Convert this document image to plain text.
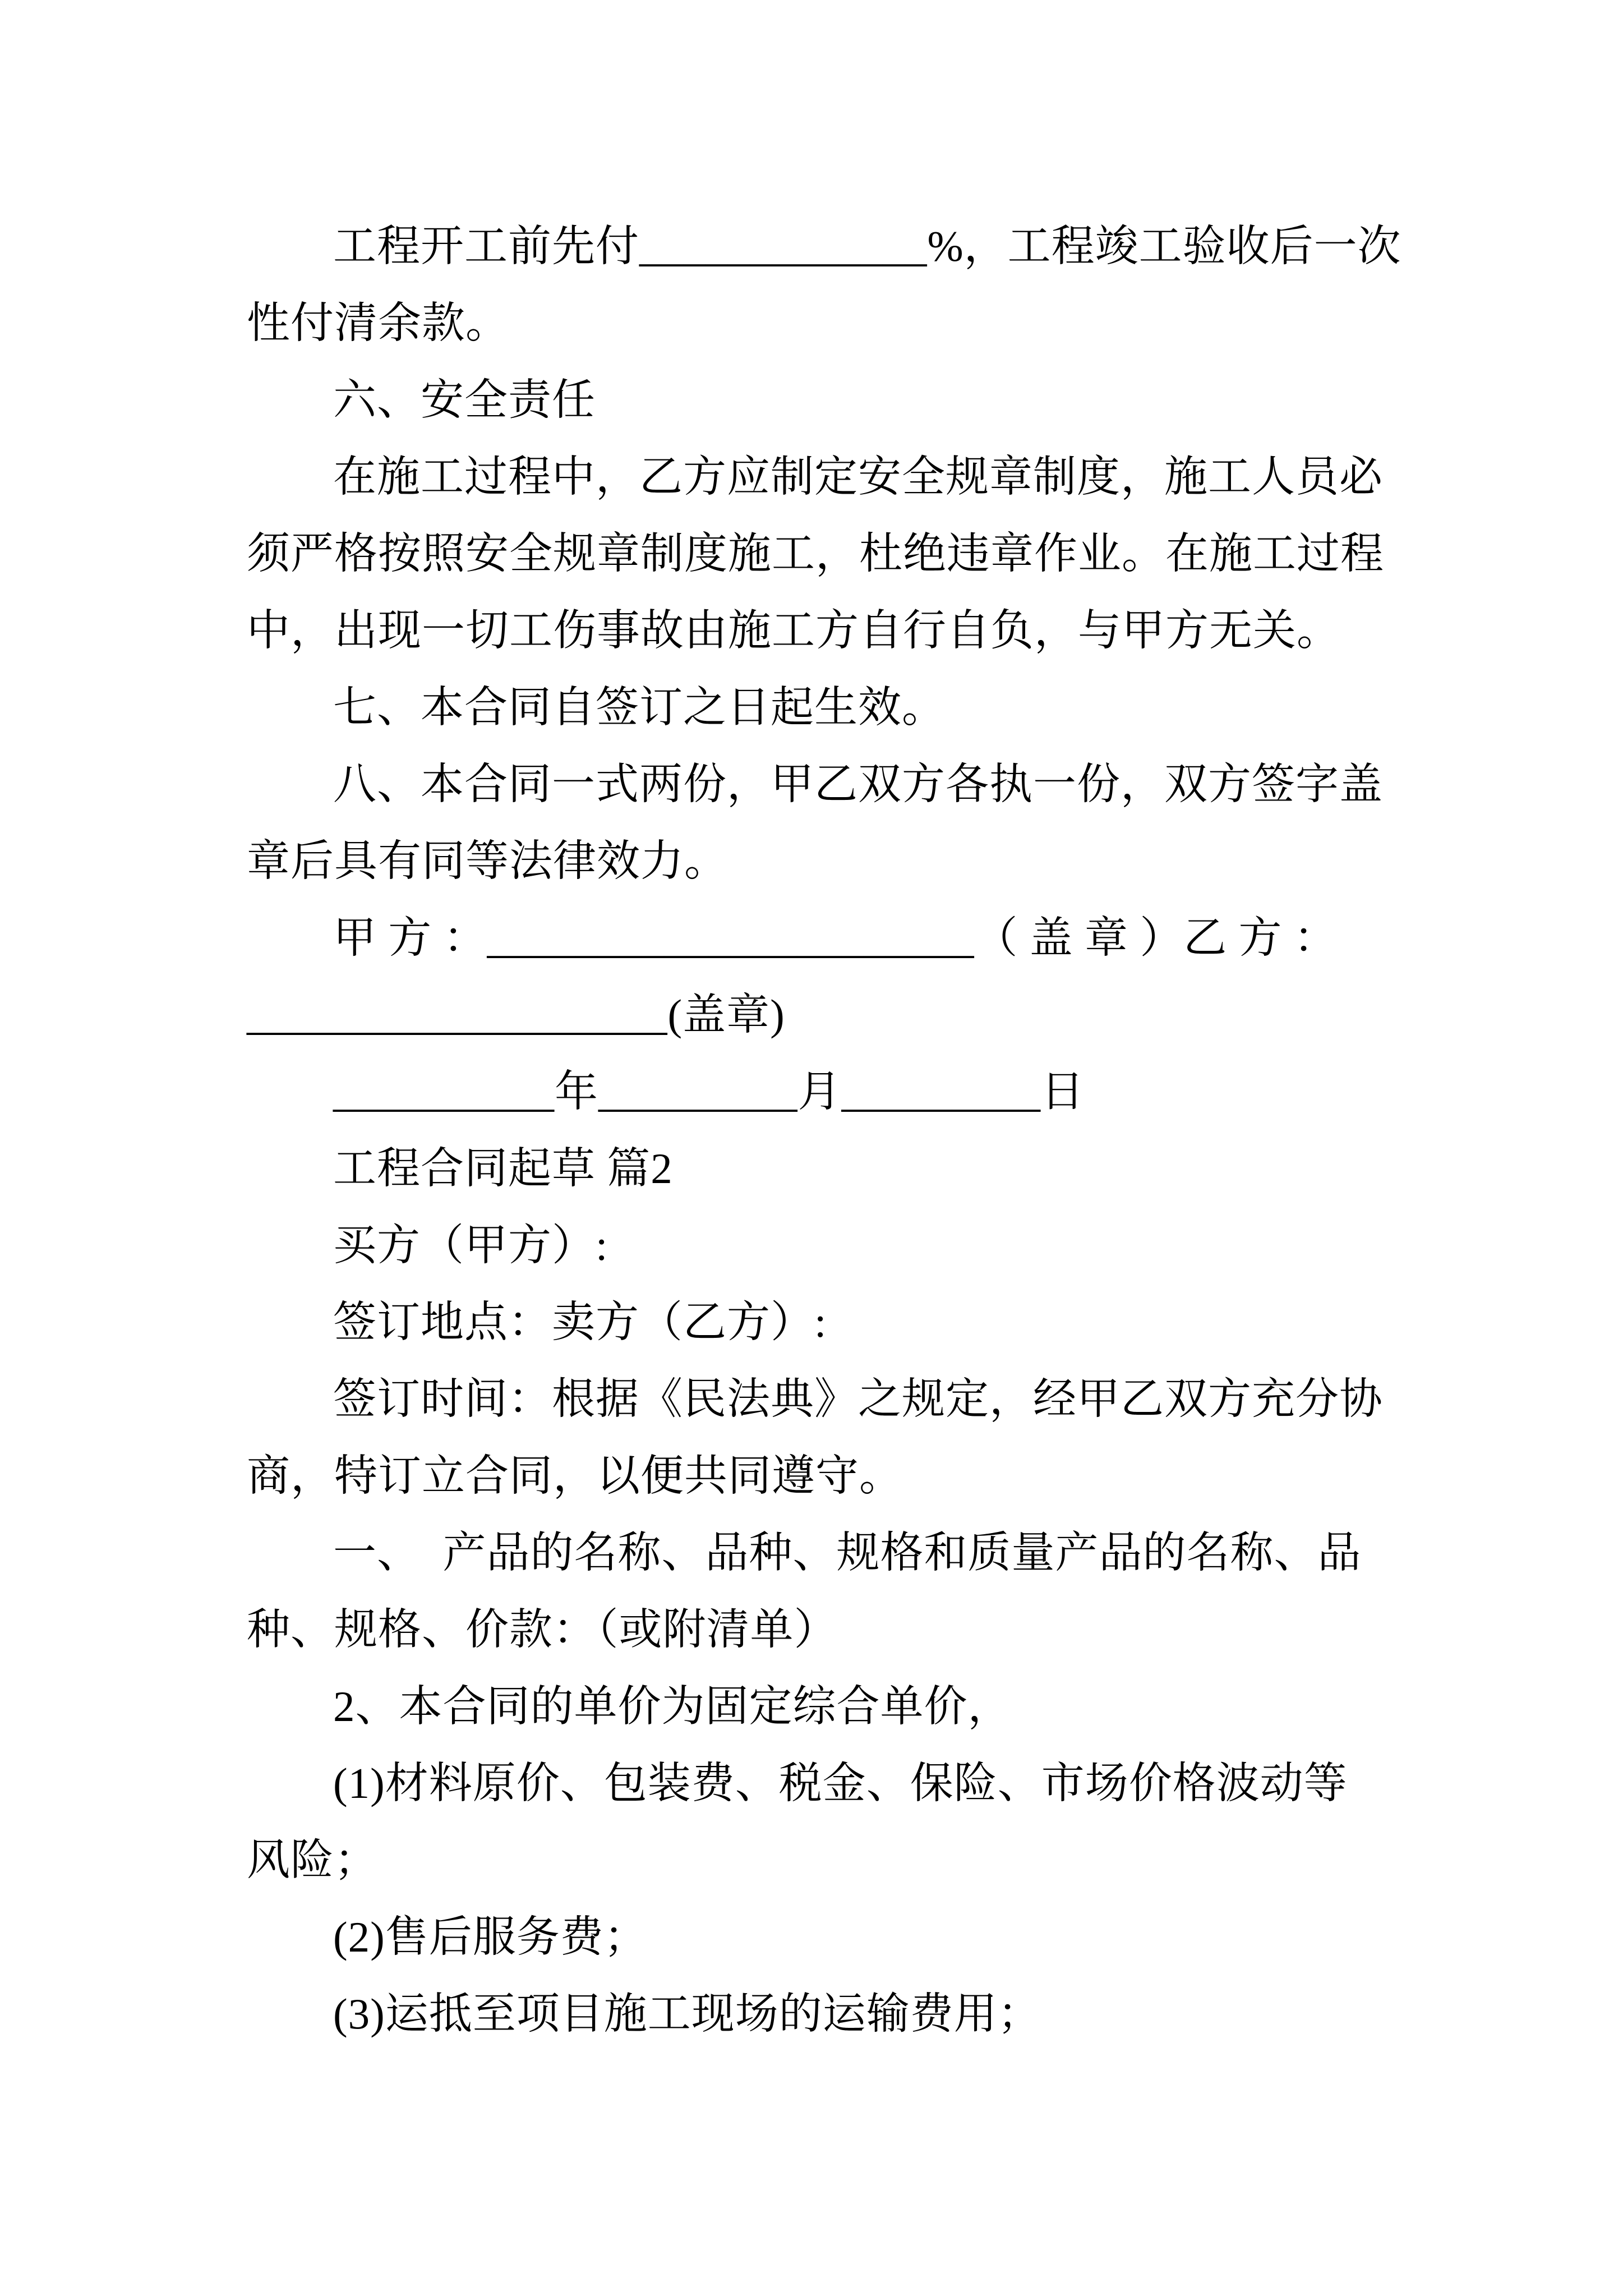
工程开工前先付_____________%，工程竣工验收后一次
性付清余款。
六、安全责任
在施工过程中，乙方应制定安全规章制度，施工人员必
须严格按照安全规章制度施工，杜绝违章作业。在施工过程
中，出现一切工伤事故由施工方自行自负，与甲方无关。
七、本合同自签订之日起生效。
八、本合同一式两份，甲乙双方各执一份，双方签字盖
章后具有同等法律效力。
甲 方 ：______________________（ 盖 章 ）乙 方 ：
___________________(盖章)
__________年_________月_________日
工程合同起草 篇2
买方（甲方）:
签订地点：卖方（乙方）:
签订时间：根据《民法典》之规定，经甲乙双方充分协
商，特订立合同，以便共同遵守。
一、　产品的名称、品种、规格和质量产品的名称、品
种、规格、价款：（或附清单）
2、本合同的单价为固定综合单价，
(1)材料原价、包装费、税金、保险、市场价格波动等
风险；
(2)售后服务费；
(3)运抵至项目施工现场的运输费用；
